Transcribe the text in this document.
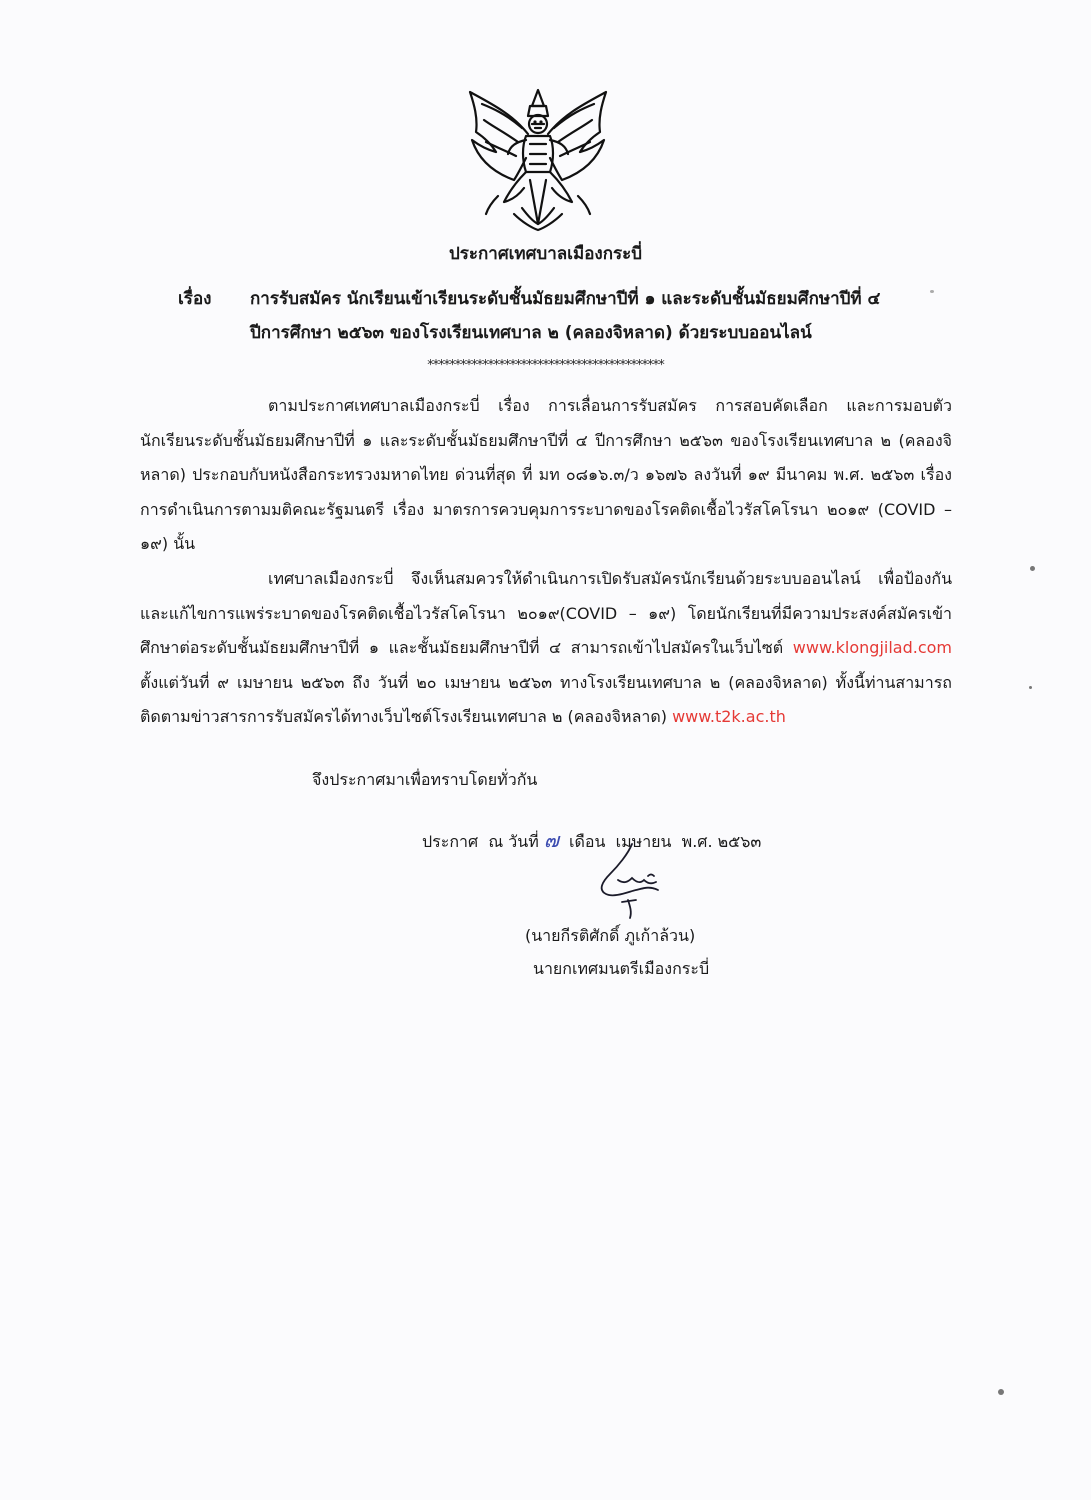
ประกาศเทศบาลเมืองกระบี่
เรื่อง การรับสมัคร นักเรียนเข้าเรียนระดับชั้นมัธยมศึกษาปีที่ ๑ และระดับชั้นมัธยมศึกษาปีที่ ๔
ปีการศึกษา ๒๕๖๓ ของโรงเรียนเทศบาล ๒ (คลองจิหลาด) ด้วยระบบออนไลน์
*******************************************
ตามประกาศเทศบาลเมืองกระบี่ เรื่อง การเลื่อนการรับสมัคร การสอบคัดเลือก และการมอบตัวนักเรียนระดับชั้นมัธยมศึกษาปีที่ ๑ และระดับชั้นมัธยมศึกษาปีที่ ๔ ปีการศึกษา ๒๕๖๓ ของโรงเรียนเทศบาล ๒ (คลองจิหลาด) ประกอบกับหนังสือกระทรวงมหาดไทย ด่วนที่สุด ที่ มท ๐๘๑๖.๓/ว ๑๖๗๖ ลงวันที่ ๑๙ มีนาคม พ.ศ. ๒๕๖๓ เรื่อง การดำเนินการตามมติคณะรัฐมนตรี เรื่อง มาตรการควบคุมการระบาดของโรคติดเชื้อไวรัสโคโรนา ๒๐๑๙ (COVID – ๑๙) นั้น
เทศบาลเมืองกระบี่ จึงเห็นสมควรให้ดำเนินการเปิดรับสมัครนักเรียนด้วยระบบออนไลน์ เพื่อป้องกันและแก้ไขการแพร่ระบาดของโรคติดเชื้อไวรัสโคโรนา ๒๐๑๙(COVID – ๑๙) โดยนักเรียนที่มีความประสงค์สมัครเข้าศึกษาต่อระดับชั้นมัธยมศึกษาปีที่ ๑ และชั้นมัธยมศึกษาปีที่ ๔ สามารถเข้าไปสมัครในเว็บไซต์ www.klongjilad.com ตั้งแต่วันที่ ๙ เมษายน ๒๕๖๓ ถึง วันที่ ๒๐ เมษายน ๒๕๖๓ ทางโรงเรียนเทศบาล ๒ (คลองจิหลาด) ทั้งนี้ท่านสามารถติดตามข่าวสารการรับสมัครได้ทางเว็บไซต์โรงเรียนเทศบาล ๒ (คลองจิหลาด) www.t2k.ac.th
จึงประกาศมาเพื่อทราบโดยทั่วกัน
ประกาศ  ณ วันที่ ๗  เดือน  เมษายน  พ.ศ. ๒๕๖๓
(นายกีรติศักดิ์ ภูเก้าล้วน)
นายกเทศมนตรีเมืองกระบี่
